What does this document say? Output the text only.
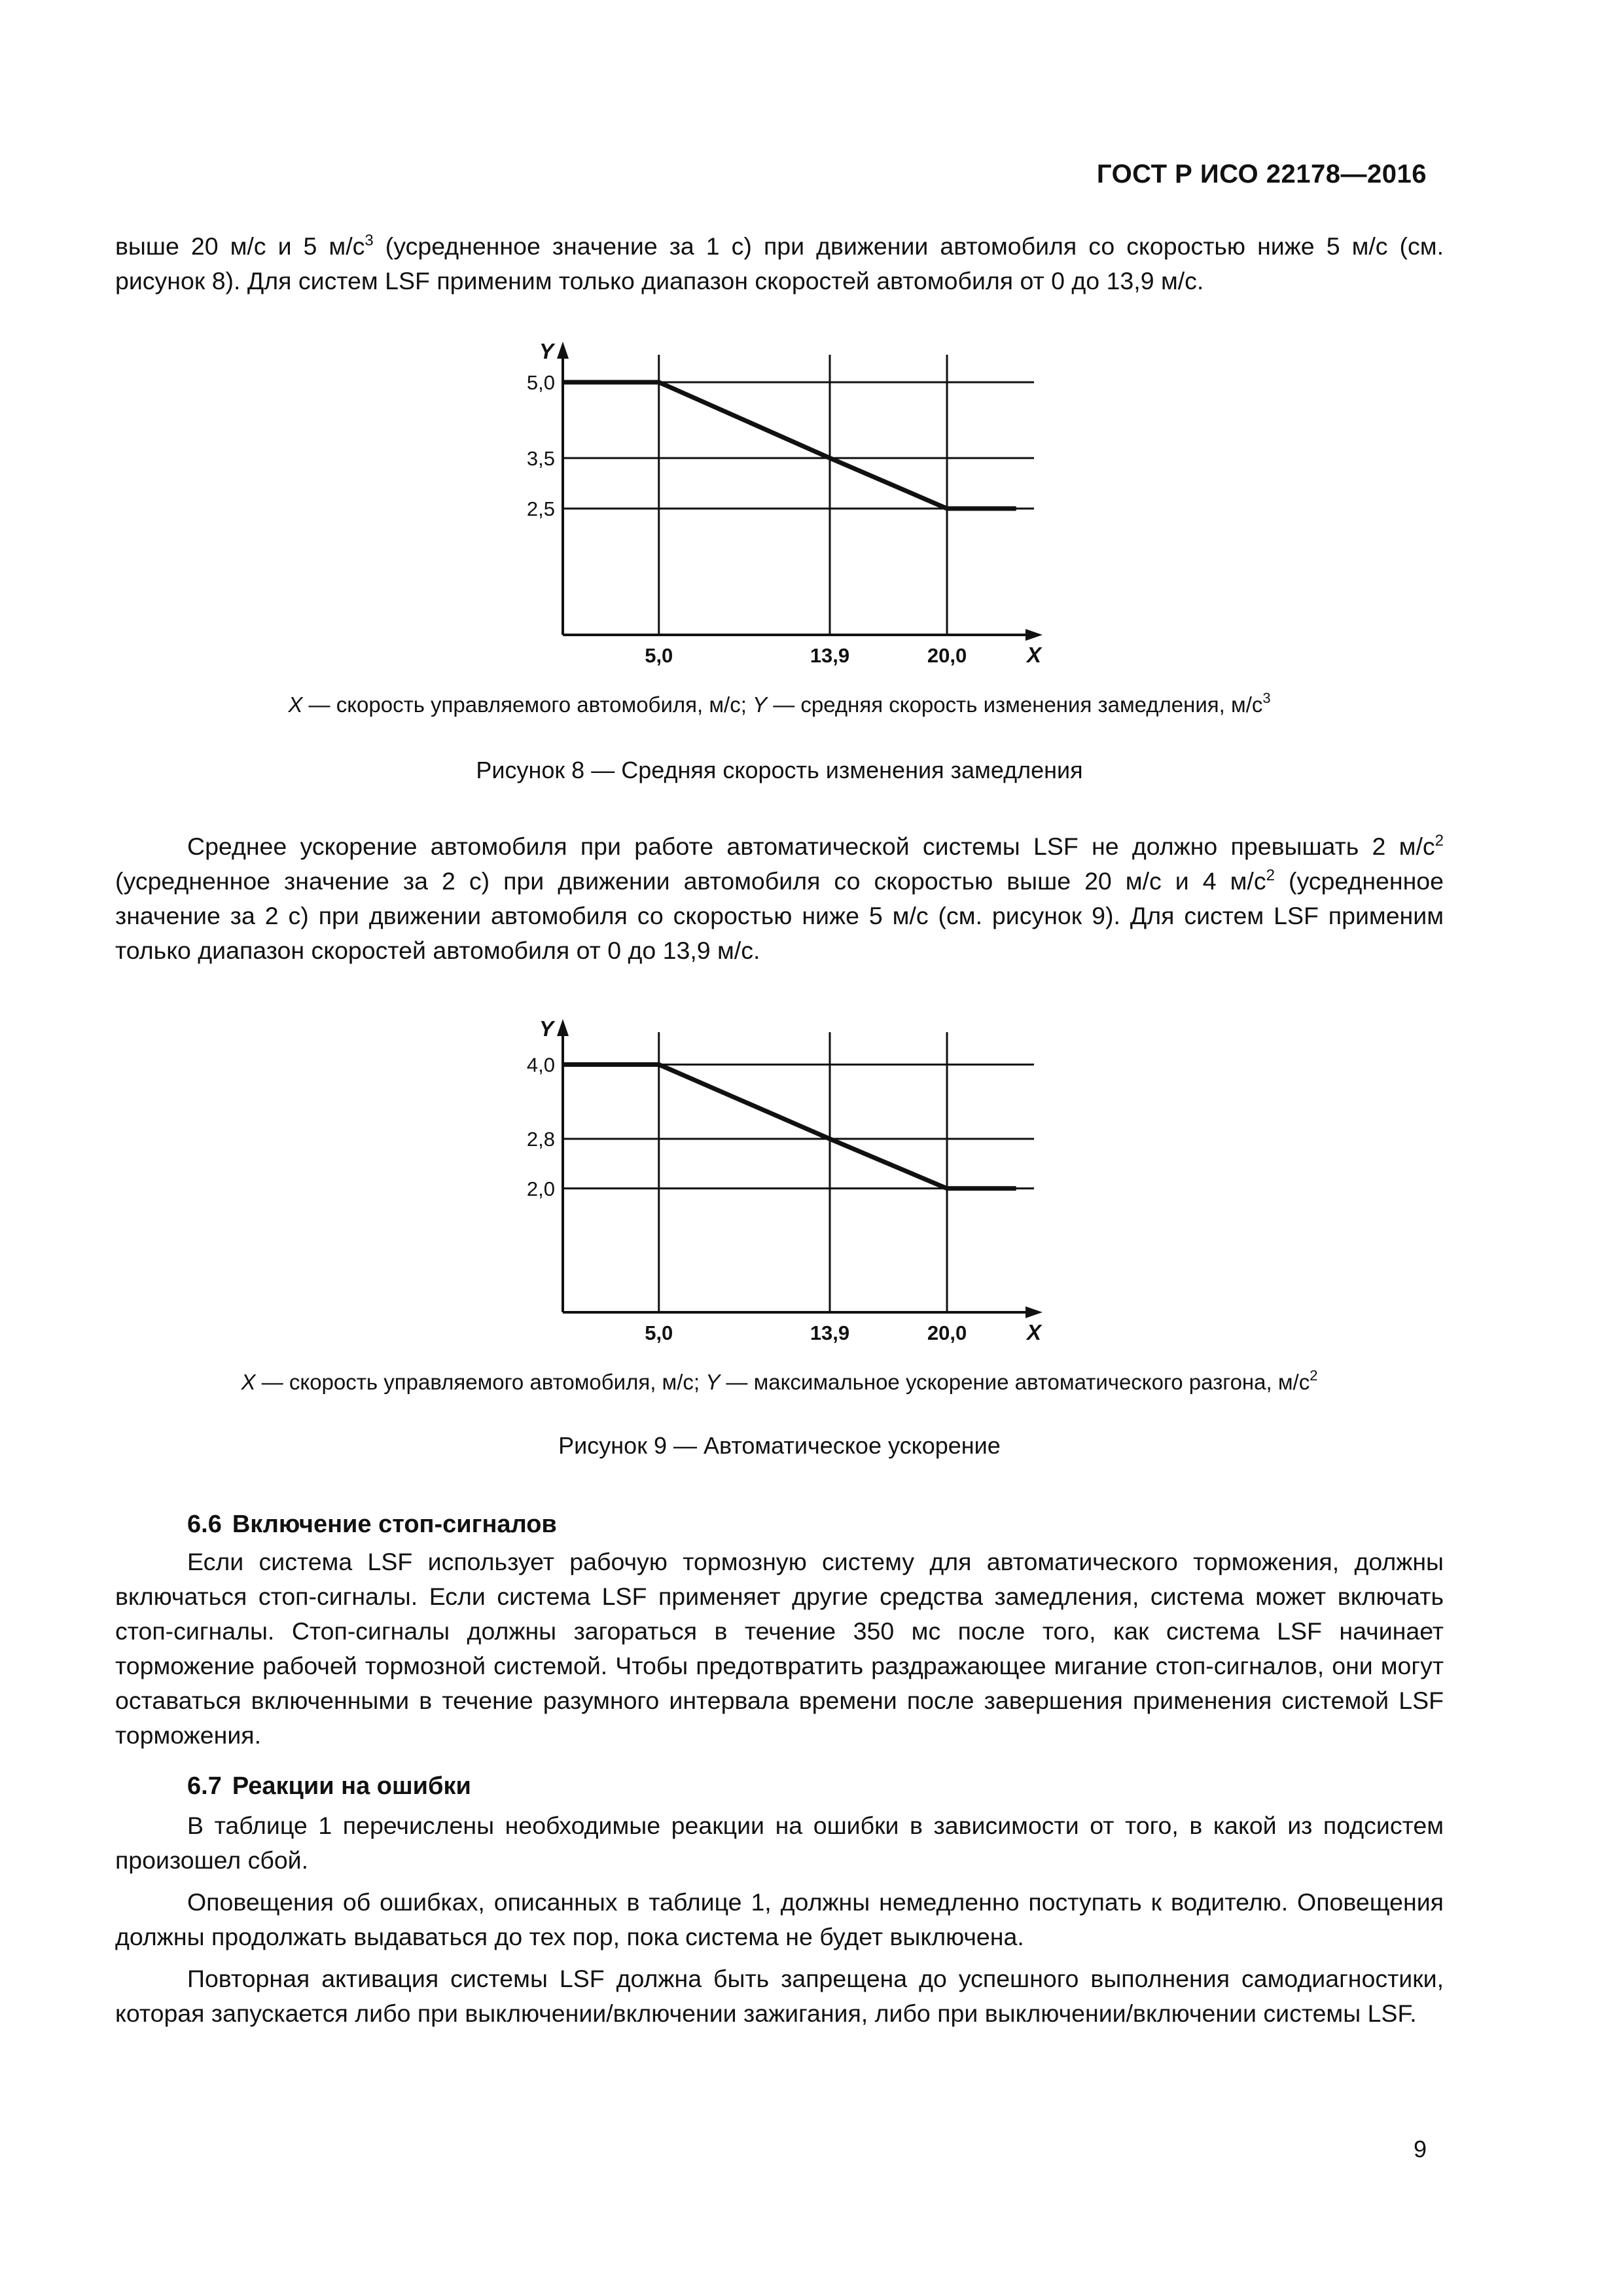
ГОСТ Р ИСО 22178—2016

выше 20 м/с и 5 $м/с^3$ (усредненное значение за 1 с) при движении автомобиля со скоростью ниже 5 м/с (см. рисунок 8). Для систем LSF применим только диапазон скоростей автомобиля от 0 до 13,9 м/с.

5,0
3,5
2,5
5,0	13,9	20,0
Y
X
X — скорость управляемого автомобиля, м/с; Y — средняя скорость изменения замедления, $м/с^3$
Рисунок 8 — Средняя скорость изменения замедления

Среднее ускорение автомобиля при работе автоматической системы LSF не должно превышать 2 $м/с^2$ (усредненное значение за 2 с) при движении автомобиля со скоростью выше 20 м/с и 4 $м/с^2$ (усредненное значение за 2 с) при движении автомобиля со скоростью ниже 5 м/с (см. рисунок 9). Для систем LSF применим только диапазон скоростей автомобиля от 0 до 13,9 м/с.

4,0
2,8
2,0
5,0	13,9	20,0
Y
X
X — скорость управляемого автомобиля, м/с; Y — максимальное ускорение автоматического разгона, $м/с^2$
Рисунок 9 — Автоматическое ускорение
6.6 Включение стоп-сигналов

Если система LSF использует рабочую тормозную систему для автоматического торможения, должны включаться стоп-сигналы. Если система LSF применяет другие средства замедления, система может включать стоп-сигналы. Стоп-сигналы должны загораться в течение 350 мс после того, как система LSF начинает торможение рабочей тормозной системой. Чтобы предотвратить раздражающее мигание стоп-сигналов, они могут оставаться включенными в течение разумного интервала времени после завершения применения системой LSF торможения.

6.7 Реакции на ошибки

В таблице 1 перечислены необходимые реакции на ошибки в зависимости от того, в какой из подсистем произошел сбой.

Оповещения об ошибках, описанных в таблице 1, должны немедленно поступать к водителю. Оповещения должны продолжать выдаваться до тех пор, пока система не будет выключена.

Повторная активация системы LSF должна быть запрещена до успешного выполнения самодиагностики, которая запускается либо при выключении/включении зажигания, либо при выключении/включении системы LSF.

9
